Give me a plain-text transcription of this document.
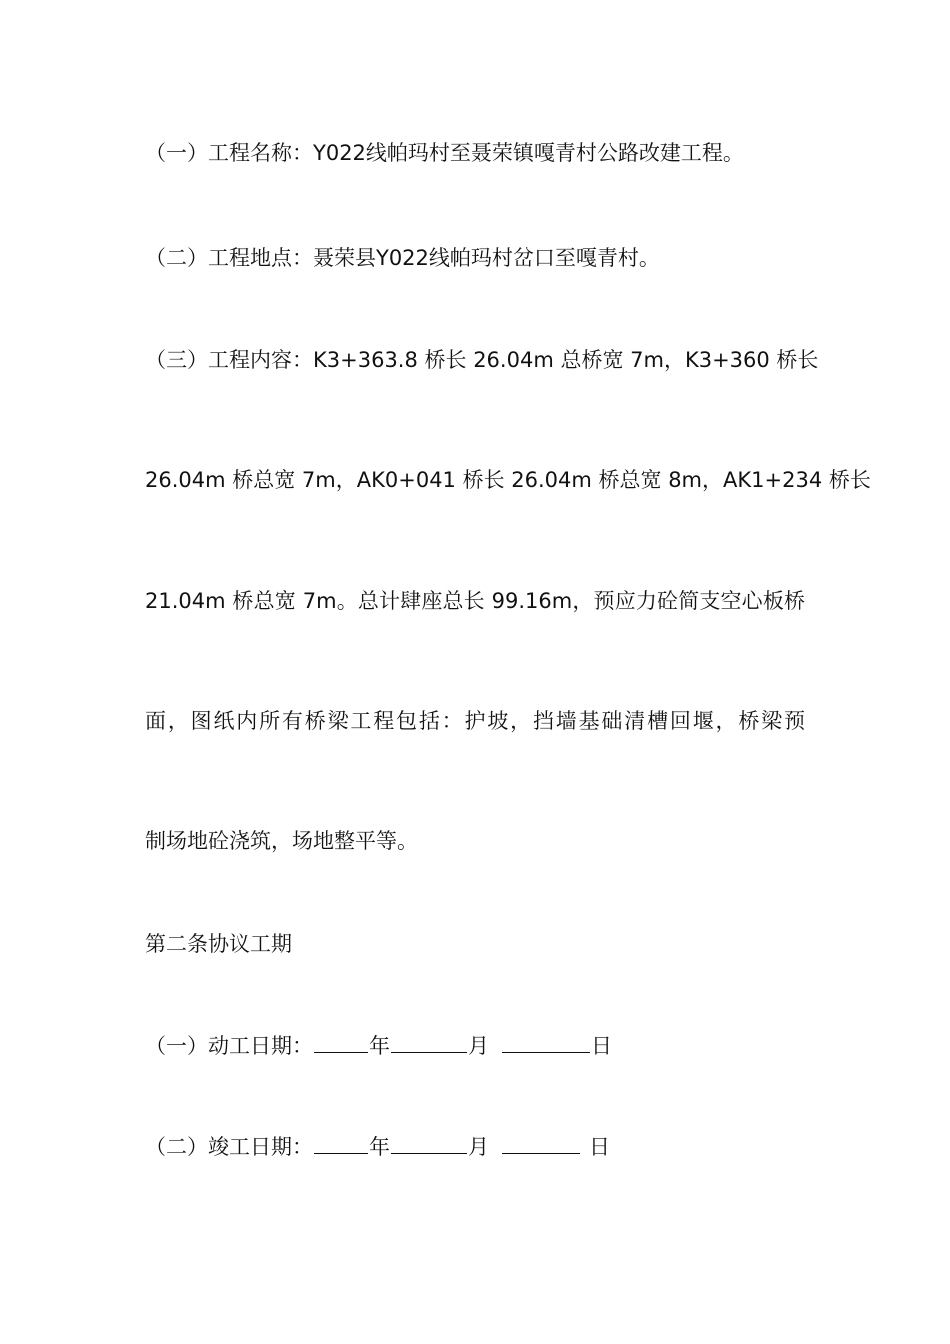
（一）工程名称：Y022线帕玛村至聂荣镇嘎青村公路改建工程。
（二）工程地点：聂荣县Y022线帕玛村岔口至嘎青村。
（三）工程内容：K3+363.8 桥长 26.04m 总桥宽 7m，K3+360 桥长
26.04m 桥总宽 7m，AK0+041 桥长 26.04m 桥总宽 8m，AK1+234 桥长
21.04m 桥总宽 7m。总计肆座总长 99.16m，预应力砼简支空心板桥
面，图纸内所有桥梁工程包括：护坡，挡墙基础清槽回堰，桥梁预
制场地砼浇筑，场地整平等。
第二条协议工期
（一）动工日期：	年	月	日
（二）竣工日期：	年	月	日
